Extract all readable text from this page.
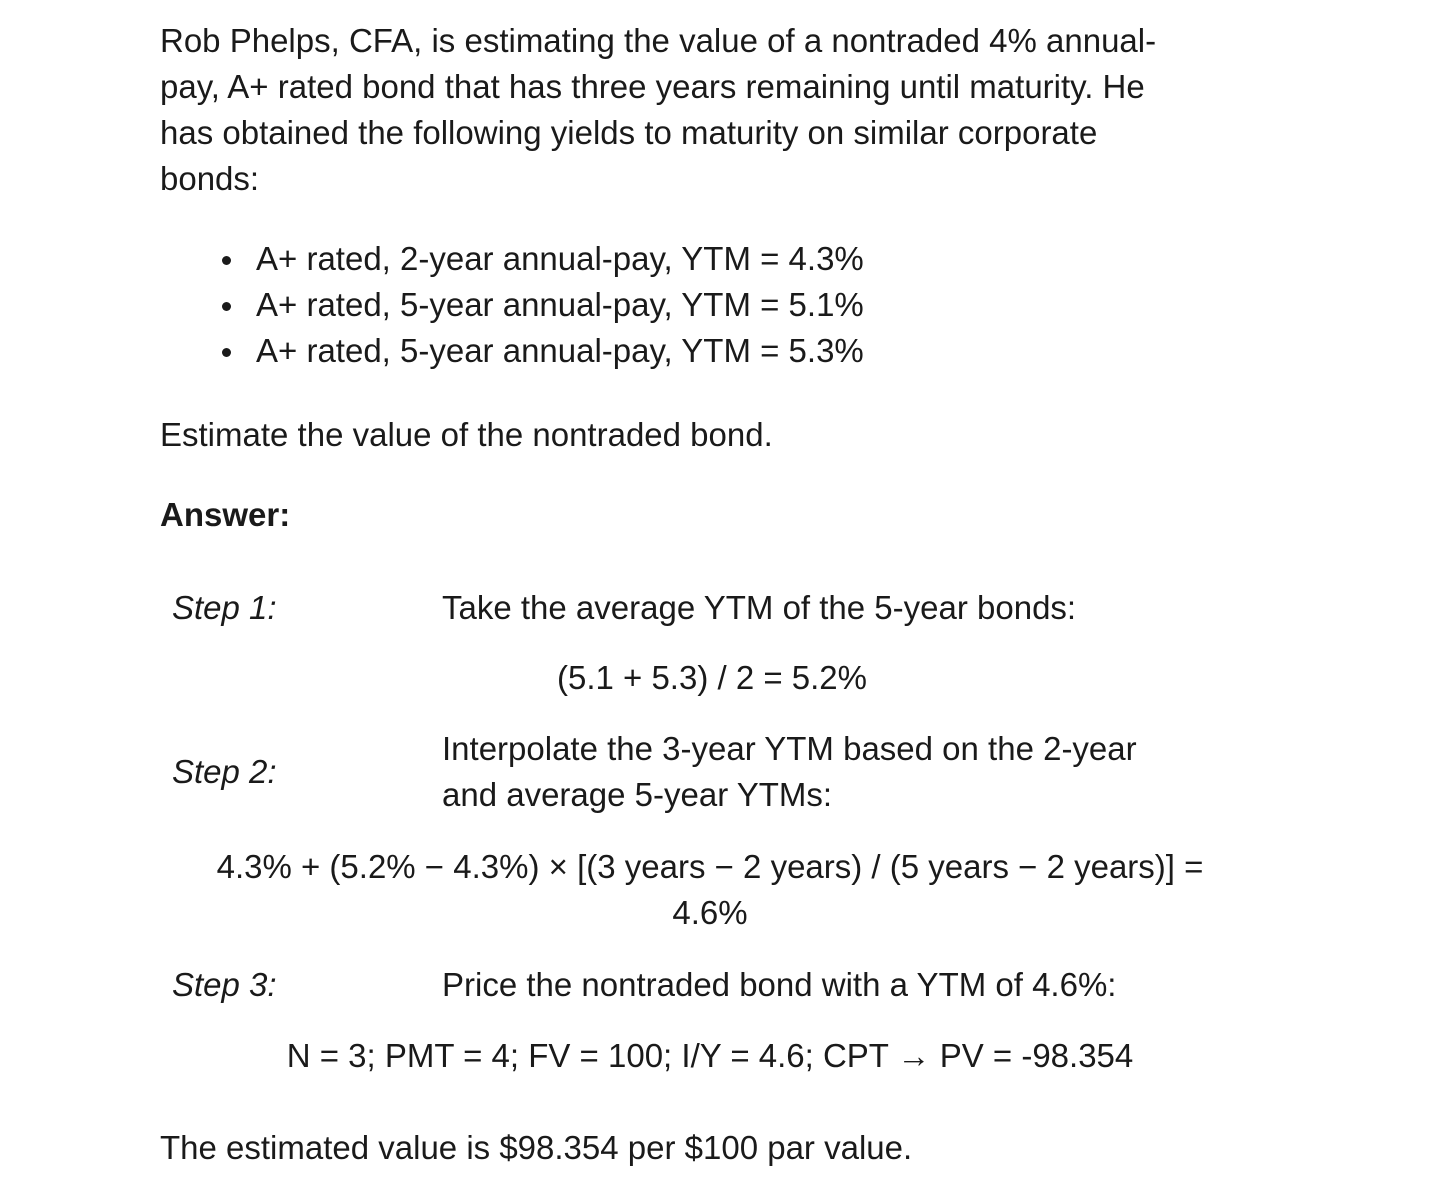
Rob Phelps, CFA, is estimating the value of a nontraded 4% annual-
pay, A+ rated bond that has three years remaining until maturity. He
has obtained the following yields to maturity on similar corporate
bonds:
A+ rated, 2-year annual-pay, YTM = 4.3%
A+ rated, 5-year annual-pay, YTM = 5.1%
A+ rated, 5-year annual-pay, YTM = 5.3%
Estimate the value of the nontraded bond.
Answer:
Step 1:	Take the average YTM of the 5-year bonds:
(5.1 + 5.3) / 2 = 5.2%
Step 2:
Interpolate the 3-year YTM based on the 2-year
and average 5-year YTMs:
4.3% + (5.2% − 4.3%) × [(3 years − 2 years) / (5 years − 2 years)] =
4.6%
Step 3:	Price the nontraded bond with a YTM of 4.6%:
N = 3; PMT = 4; FV = 100; I/Y = 4.6; CPT → PV = -98.354
The estimated value is $98.354 per $100 par value.
